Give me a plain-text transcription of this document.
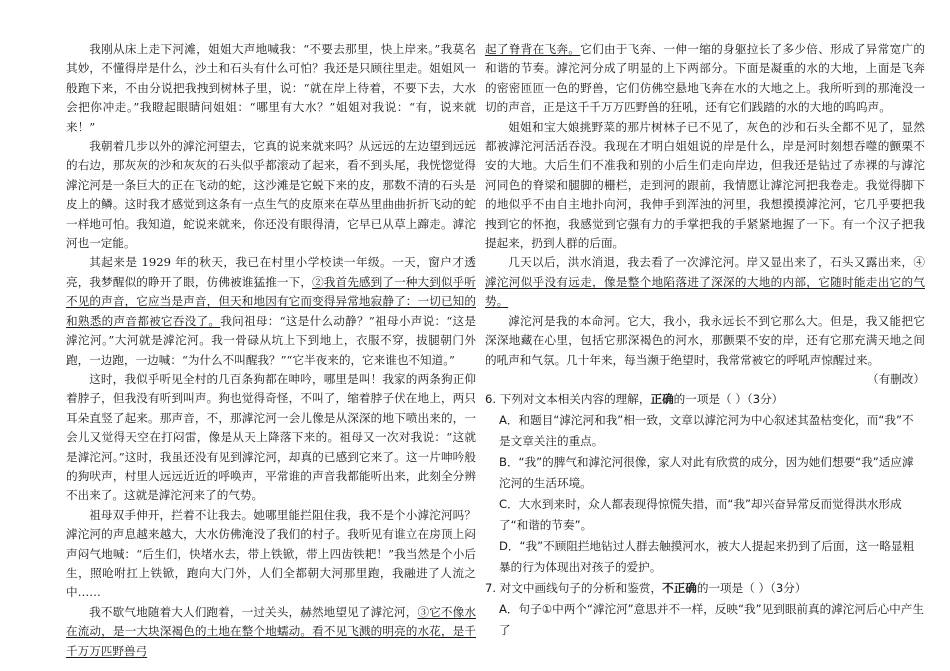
我刚从床上走下河滩，姐姐大声地喊我：“不要去那里，快上岸来。”我莫名其妙，不懂得岸是什么，沙土和石头有什么可怕？我还是只顾往里走。姐姐风一般跑下来，不由分说把我拽到树林子里，说：“就在岸上待着，不要下去，大水会把你冲走。”我瞪起眼睛问姐姐：“哪里有大水？”姐姐对我说：“有，说来就来！”

我朝着几步以外的滹沱河望去，它真的说来就来吗？从远远的左边望到远远的右边，那灰灰的沙和灰灰的石头似乎都滚动了起来，看不到头尾，我恍惚觉得滹沱河是一条巨大的正在飞动的蛇，这沙滩是它蜕下来的皮，那数不清的石头是皮上的鳞。这时我才感觉到这条有一点生气的皮原来在草丛里曲曲折折飞动的蛇一样地可怕。我知道，蛇说来就来，你还没有眼得清，它早已从草上蹿走。滹沱河也一定能。

其起来是 1929 年的秋天，我已在村里小学校读一年级。一天，窗户才透亮，我梦醒似的睁开了眼，仿佛被谁猛推一下，②我首先感到了一种大到似乎听不见的声音，它应当是声音，但天和地因有它而变得异常地寂静了：一切已知的和熟悉的声音都被它吞没了。我问祖母：“这是什么动静？”祖母小声说：“这是滹沱河。”大河就是滹沱河。我一骨碌从坑上下到地上，衣服不穿，拔腿朝门外跑，一边跑，一边喊：“为什么不叫醒我？”“它半夜来的，它来谁也不知道。”

这时，我似乎听见全村的几百条狗都在呻吟，哪里是叫！我家的两条狗正仰着脖子，但我没有听到叫声。狗也觉得奇怪，不叫了，缩着脖子伏在地上，两只耳朵直竖了起来。那声音，不，那滹沱河一会儿像是从深深的地下喷出来的，一会儿又觉得天空在打闷雷，像是从天上降落下来的。祖母又一次对我说：“这就是滹沱河。”这时，我虽还没有见到滹沱河，却真的已感到它来了。这一片呻吟般的狗吠声，村里人远远近近的呼唤声，平常谁的声音我都能听出来，此刻全分辨不出来了。这就是滹沱河来了的气势。

祖母双手伸开，拦着不让我去。她哪里能拦阻住我，我不是个小滹沱河吗？滹沱河的声息越来越大，大水仿佛淹没了我们的村子。我听见有谁立在房顶上闷声闷气地喊：“后生们，快堵水去，带上铁锨，带上四齿铁耙！”我当然是个小后生，照呛咐扛上铁锨，跑向大门外，人们全都朝大河那里跑，我融进了人流之中……

我不歇气地随着大人们跑着，一过关头，赫然地望见了滹沱河，③它不像水在流动，是一大块深褐色的土地在整个地蠕动。看不见飞溅的明亮的水花，是千千万万匹野兽弓

起了脊背在飞奔。它们由于飞奔、一伸一缩的身躯拉长了多少倍、形成了异常宽广的和谐的节奏。滹沱河分成了明显的上下两部分。下面是凝重的水的大地，上面是飞奔的密密匝匝一色的野兽，它们仿佛空悬地飞奔在水的大地之上。我所听到的那淹没一切的声音，正是这千千万万匹野兽的狂吼，还有它们践踏的水的大地的呜呜声。

姐姐和宝大娘挑野菜的那片树林子已不见了，灰色的沙和石头全都不见了，显然都被滹沱河活活吞没。我现在才明白姐姐说的岸是什么，岸是河时刻想吞噬的颤栗不安的大地。大后生们不准我和别的小后生们走向岸边，但我还是钻过了赤裸的与滹沱河同色的脊梁和腿脚的栅栏，走到河的跟前，我情愿让滹沱河把我卷走。我觉得脚下的地似乎不由自主地扑向河，我伸手到浑浊的河里，我想摸摸滹沱河，它几乎要把我拽到它的怀抱，我感觉到它强有力的手掌把我的手紧紧地握了一下。有一个汉子把我提起来，扔到人群的后面。

几天以后，洪水消退，我去看了一次滹沱河。岸又显出来了，石头又露出来，④滹沱河似乎没有远走，像是整个地陷落进了深深的大地的内部，它随时能走出它的气势。

滹沱河是我的本命河。它大，我小，我永远长不到它那么大。但是，我又能把它深深地藏在心里，包括它那深褐色的河水，那颤栗不安的岸，还有它那充满天地之间的吼声和气氛。几十年来，每当濒于绝望时，我常常被它的呼吼声惊醒过来。

（有删改）

6. 下列对文本相关内容的理解，正确的一项是（ ）（3分）

A．和题目“滹沱河和我”相一致，文章以滹沱河为中心叙述其盈枯变化，而“我”不是文章关注的重点。

B．“我”的脾气和滹沱河很像，家人对此有欣赏的成分，因为她们想要“我”适应滹沱河的生活环境。

C．大水到来时，众人都表现得惊慌失措，而“我”却兴奋异常反而觉得洪水形成了“和谐的节奏”。

D．“我”不顾阻拦地钻过人群去触摸河水，被大人提起来扔到了后面，这一略显粗暴的行为体现出对孩子的爱护。

7. 对文中画线句子的分析和鉴赏，不正确的一项是（ ）（3分）

A．句子①中两个“滹沱河”意思并不一样，反映“我”见到眼前真的滹沱河后心中产生了
